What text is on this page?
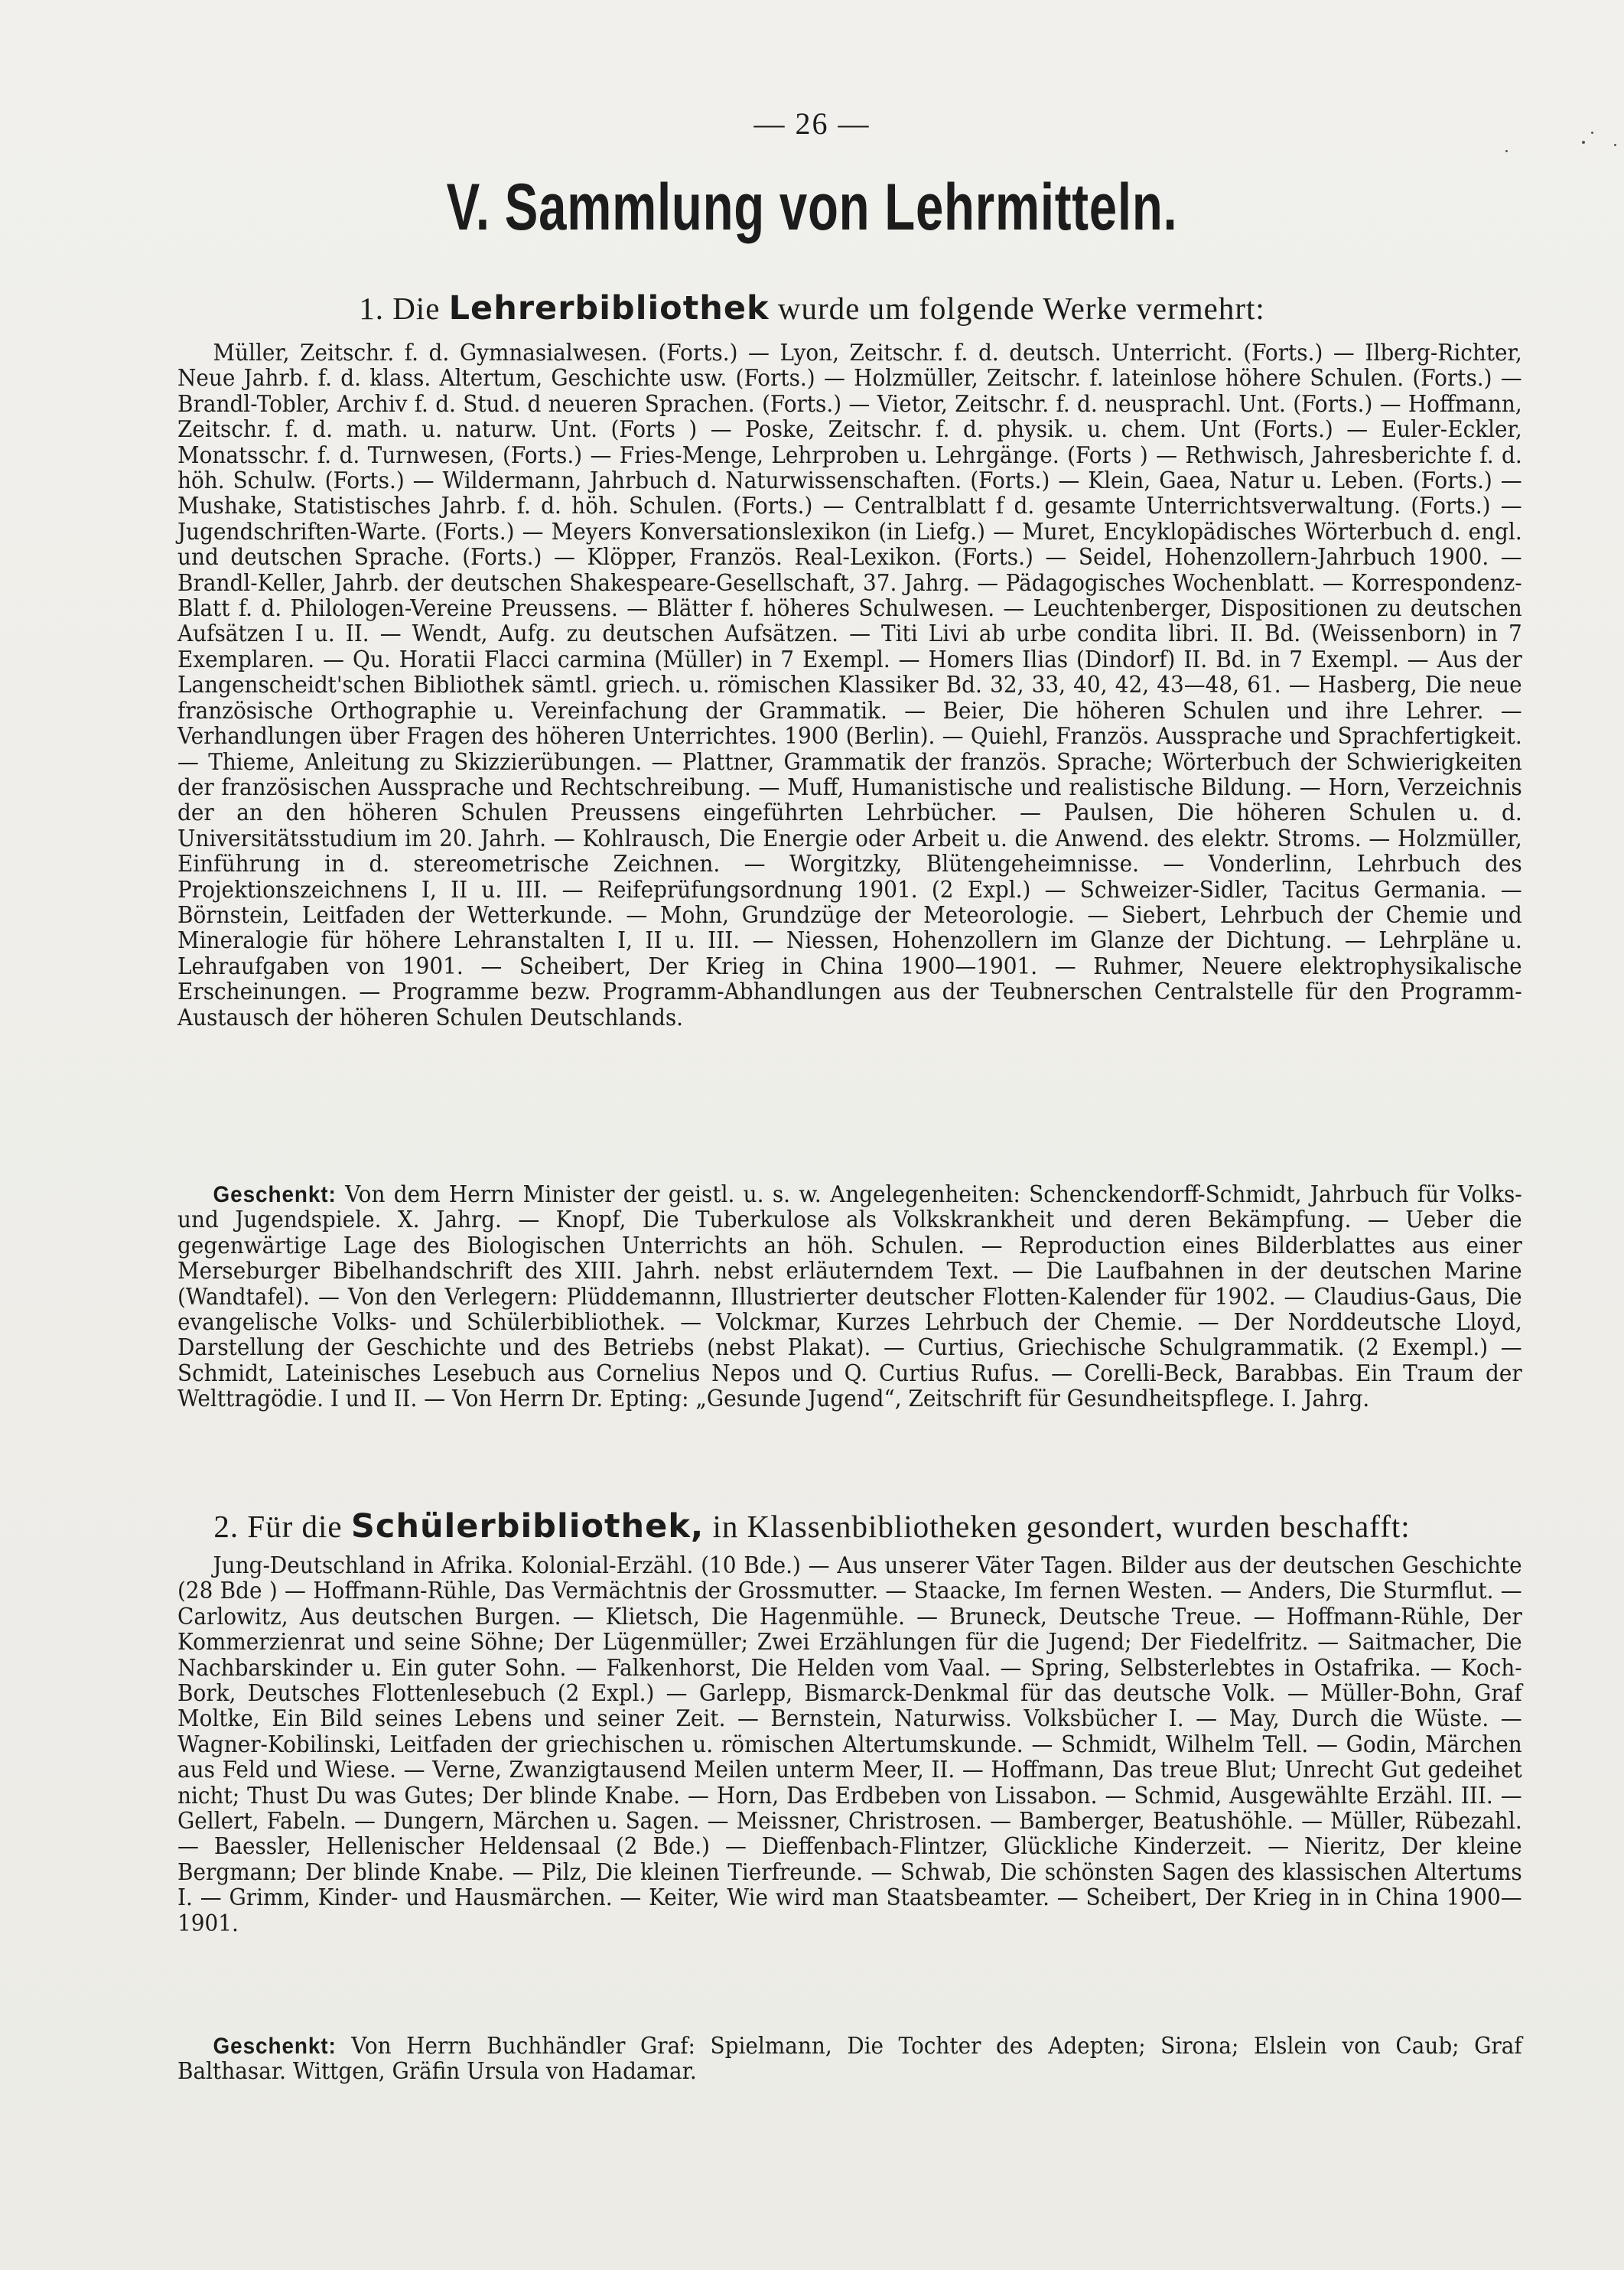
— 26 —
V. Sammlung von Lehrmitteln.
1. Die Lehrerbibliothek wurde um folgende Werke vermehrt:

Müller, Zeitschr. f. d. Gymnasialwesen. (Forts.) — Lyon, Zeitschr. f. d. deutsch. Unterricht. (Forts.) — Ilberg-Richter, Neue Jahrb. f. d. klass. Altertum, Geschichte usw. (Forts.) — Holzmüller, Zeitschr. f. lateinlose höhere Schulen. (Forts.) — Brandl-Tobler, Archiv f. d. Stud. d neueren Sprachen. (Forts.) — Vietor, Zeitschr. f. d. neusprachl. Unt. (Forts.) — Hoffmann, Zeitschr. f. d. math. u. naturw. Unt. (Forts ) — Poske, Zeitschr. f. d. physik. u. chem. Unt (Forts.) — Euler-Eckler, Monatsschr. f. d. Turnwesen, (Forts.) — Fries-Menge, Lehrproben u. Lehrgänge. (Forts ) — Rethwisch, Jahresberichte f. d. höh. Schulw. (Forts.) — Wildermann, Jahrbuch d. Naturwissenschaften. (Forts.) — Klein, Gaea, Natur u. Leben. (Forts.) — Mushake, Statistisches Jahrb. f. d. höh. Schulen. (Forts.) — Centralblatt f d. gesamte Unterrichtsverwaltung. (Forts.) — Jugendschriften-Warte. (Forts.) — Meyers Konversationslexikon (in Liefg.) — Muret, Encyklopädisches Wörterbuch d. engl. und deutschen Sprache. (Forts.) — Klöpper, Französ. Real-Lexikon. (Forts.) — Seidel, Hohenzollern-Jahrbuch 1900. — Brandl-Keller, Jahrb. der deutschen Shakespeare-Gesellschaft, 37. Jahrg. — Pädagogisches Wochenblatt. — Korrespondenz-Blatt f. d. Philologen-Vereine Preussens. — Blätter f. höheres Schulwesen. — Leuchtenberger, Dispositionen zu deutschen Aufsätzen I u. II. — Wendt, Aufg. zu deutschen Aufsätzen. — Titi Livi ab urbe condita libri. II. Bd. (Weissenborn) in 7 Exemplaren. — Qu. Horatii Flacci carmina (Müller) in 7 Exempl. — Homers Ilias (Dindorf) II. Bd. in 7 Exempl. — Aus der Langenscheidt'schen Bibliothek sämtl. griech. u. römischen Klassiker Bd. 32, 33, 40, 42, 43—48, 61. — Hasberg, Die neue französische Orthographie u. Vereinfachung der Grammatik. — Beier, Die höheren Schulen und ihre Lehrer. — Verhandlungen über Fragen des höheren Unterrichtes. 1900 (Berlin). — Quiehl, Französ. Aussprache und Sprachfertigkeit. — Thieme, Anleitung zu Skizzierübungen. — Plattner, Grammatik der französ. Sprache; Wörterbuch der Schwierigkeiten der französischen Aussprache und Rechtschreibung. — Muff, Humanistische und realistische Bildung. — Horn, Verzeichnis der an den höheren Schulen Preussens eingeführten Lehrbücher. — Paulsen, Die höheren Schulen u. d. Universitätsstudium im 20. Jahrh. — Kohlrausch, Die Energie oder Arbeit u. die Anwend. des elektr. Stroms. — Holzmüller, Einführung in d. stereometrische Zeichnen. — Worgitzky, Blütengeheimnisse. — Vonderlinn, Lehrbuch des Projektionszeichnens I, II u. III. — Reifeprüfungsordnung 1901. (2 Expl.) — Schweizer-Sidler, Tacitus Germania. — Börnstein, Leitfaden der Wetterkunde. — Mohn, Grundzüge der Meteorologie. — Siebert, Lehrbuch der Chemie und Mineralogie für höhere Lehranstalten I, II u. III. — Niessen, Hohenzollern im Glanze der Dichtung. — Lehrpläne u. Lehraufgaben von 1901. — Scheibert, Der Krieg in China 1900—1901. — Ruhmer, Neuere elektrophysikalische Erscheinungen. — Programme bezw. Programm-Abhandlungen aus der Teubnerschen Centralstelle für den Programm-Austausch der höheren Schulen Deutschlands.

Geschenkt: Von dem Herrn Minister der geistl. u. s. w. Angelegenheiten: Schenckendorff-Schmidt, Jahrbuch für Volks- und Jugendspiele. X. Jahrg. — Knopf, Die Tuberkulose als Volkskrankheit und deren Bekämpfung. — Ueber die gegenwärtige Lage des Biologischen Unterrichts an höh. Schulen. — Reproduction eines Bilderblattes aus einer Merseburger Bibelhandschrift des XIII. Jahrh. nebst erläuterndem Text. — Die Laufbahnen in der deutschen Marine (Wandtafel). — Von den Verlegern: Plüddemannn, Illustrierter deutscher Flotten-Kalender für 1902. — Claudius-Gaus, Die evangelische Volks- und Schülerbibliothek. — Volckmar, Kurzes Lehrbuch der Chemie. — Der Norddeutsche Lloyd, Darstellung der Geschichte und des Betriebs (nebst Plakat). — Curtius, Griechische Schulgrammatik. (2 Exempl.) — Schmidt, Lateinisches Lesebuch aus Cornelius Nepos und Q. Curtius Rufus. — Corelli-Beck, Barabbas. Ein Traum der Welttragödie. I und II. — Von Herrn Dr. Epting: „Gesunde Jugend“, Zeitschrift für Gesundheitspflege. I. Jahrg.

2. Für die Schülerbibliothek, in Klassenbibliotheken gesondert, wurden beschafft:

Jung-Deutschland in Afrika. Kolonial-Erzähl. (10 Bde.) — Aus unserer Väter Tagen. Bilder aus der deutschen Geschichte (28 Bde ) — Hoffmann-Rühle, Das Vermächtnis der Grossmutter. — Staacke, Im fernen Westen. — Anders, Die Sturmflut. — Carlowitz, Aus deutschen Burgen. — Klietsch, Die Hagenmühle. — Bruneck, Deutsche Treue. — Hoffmann-Rühle, Der Kommerzienrat und seine Söhne; Der Lügenmüller; Zwei Erzählungen für die Jugend; Der Fiedelfritz. — Saitmacher, Die Nachbarskinder u. Ein guter Sohn. — Falkenhorst, Die Helden vom Vaal. — Spring, Selbsterlebtes in Ostafrika. — Koch-Bork, Deutsches Flottenlesebuch (2 Expl.) — Garlepp, Bismarck-Denkmal für das deutsche Volk. — Müller-Bohn, Graf Moltke, Ein Bild seines Lebens und seiner Zeit. — Bernstein, Naturwiss. Volksbücher I. — May, Durch die Wüste. — Wagner-Kobilinski, Leitfaden der griechischen u. römischen Altertumskunde. — Schmidt, Wilhelm Tell. — Godin, Märchen aus Feld und Wiese. — Verne, Zwanzigtausend Meilen unterm Meer, II. — Hoffmann, Das treue Blut; Unrecht Gut gedeihet nicht; Thust Du was Gutes; Der blinde Knabe. — Horn, Das Erdbeben von Lissabon. — Schmid, Ausgewählte Erzähl. III. — Gellert, Fabeln. — Dungern, Märchen u. Sagen. — Meissner, Christrosen. — Bamberger, Beatushöhle. — Müller, Rübezahl. — Baessler, Hellenischer Heldensaal (2 Bde.) — Dieffenbach-Flintzer, Glückliche Kinderzeit. — Nieritz, Der kleine Bergmann; Der blinde Knabe. — Pilz, Die kleinen Tierfreunde. — Schwab, Die schönsten Sagen des klassischen Altertums I. — Grimm, Kinder- und Hausmärchen. — Keiter, Wie wird man Staatsbeamter. — Scheibert, Der Krieg in in China 1900—1901.

Geschenkt: Von Herrn Buchhändler Graf: Spielmann, Die Tochter des Adepten; Sirona; Elslein von Caub; Graf Balthasar. Wittgen, Gräfin Ursula von Hadamar.
